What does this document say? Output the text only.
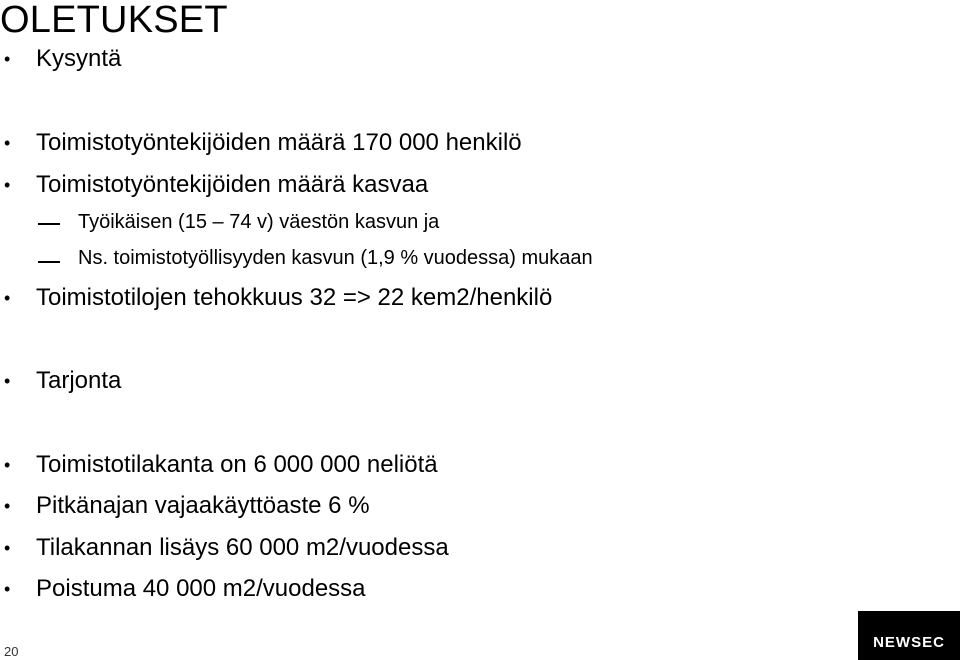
OLETUKSET
• Kysyntä
• Toimistotyöntekijöiden määrä 170 000 henkilö
• Toimistotyöntekijöiden määrä kasvaa
Työikäisen (15 – 74 v) väestön kasvun ja
Ns. toimistotyöllisyyden kasvun (1,9 % vuodessa) mukaan
• Toimistotilojen tehokkuus 32 => 22 kem2/henkilö
• Tarjonta
• Toimistotilakanta on 6 000 000 neliötä
• Pitkänajan vajaakäyttöaste 6 %
• Tilakannan lisäys 60 000 m2/vuodessa
• Poistuma 40 000 m2/vuodessa
20
NEWSEC
